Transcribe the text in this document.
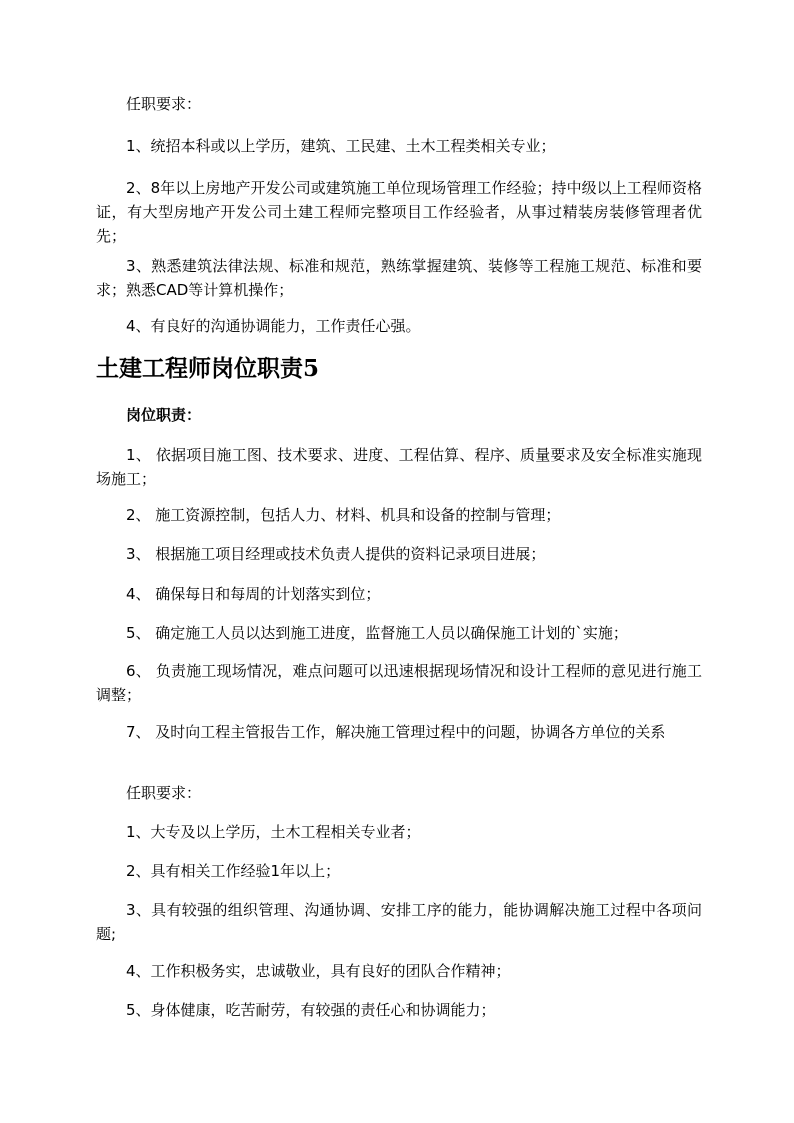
任职要求：

1、统招本科或以上学历，建筑、工民建、土木工程类相关专业；

2、8年以上房地产开发公司或建筑施工单位现场管理工作经验；持中级以上工程师资格证，有大型房地产开发公司土建工程师完整项目工作经验者，从事过精装房装修管理者优先；

3、熟悉建筑法律法规、标准和规范，熟练掌握建筑、装修等工程施工规范、标准和要求；熟悉CAD等计算机操作；

4、有良好的沟通协调能力，工作责任心强。

土建工程师岗位职责5

岗位职责：

1、 依据项目施工图、技术要求、进度、工程估算、程序、质量要求及安全标准实施现场施工；

2、 施工资源控制，包括人力、材料、机具和设备的控制与管理；

3、 根据施工项目经理或技术负责人提供的资料记录项目进展；

4、 确保每日和每周的计划落实到位；

5、 确定施工人员以达到施工进度，监督施工人员以确保施工计划的`实施；

6、 负责施工现场情况，难点问题可以迅速根据现场情况和设计工程师的意见进行施工调整；

7、 及时向工程主管报告工作，解决施工管理过程中的问题，协调各方单位的关系

任职要求：

1、大专及以上学历，土木工程相关专业者；

2、具有相关工作经验1年以上；

3、具有较强的组织管理、沟通协调、安排工序的能力，能协调解决施工过程中各项问题;

4、工作积极务实，忠诚敬业，具有良好的团队合作精神；

5、身体健康，吃苦耐劳，有较强的责任心和协调能力；
